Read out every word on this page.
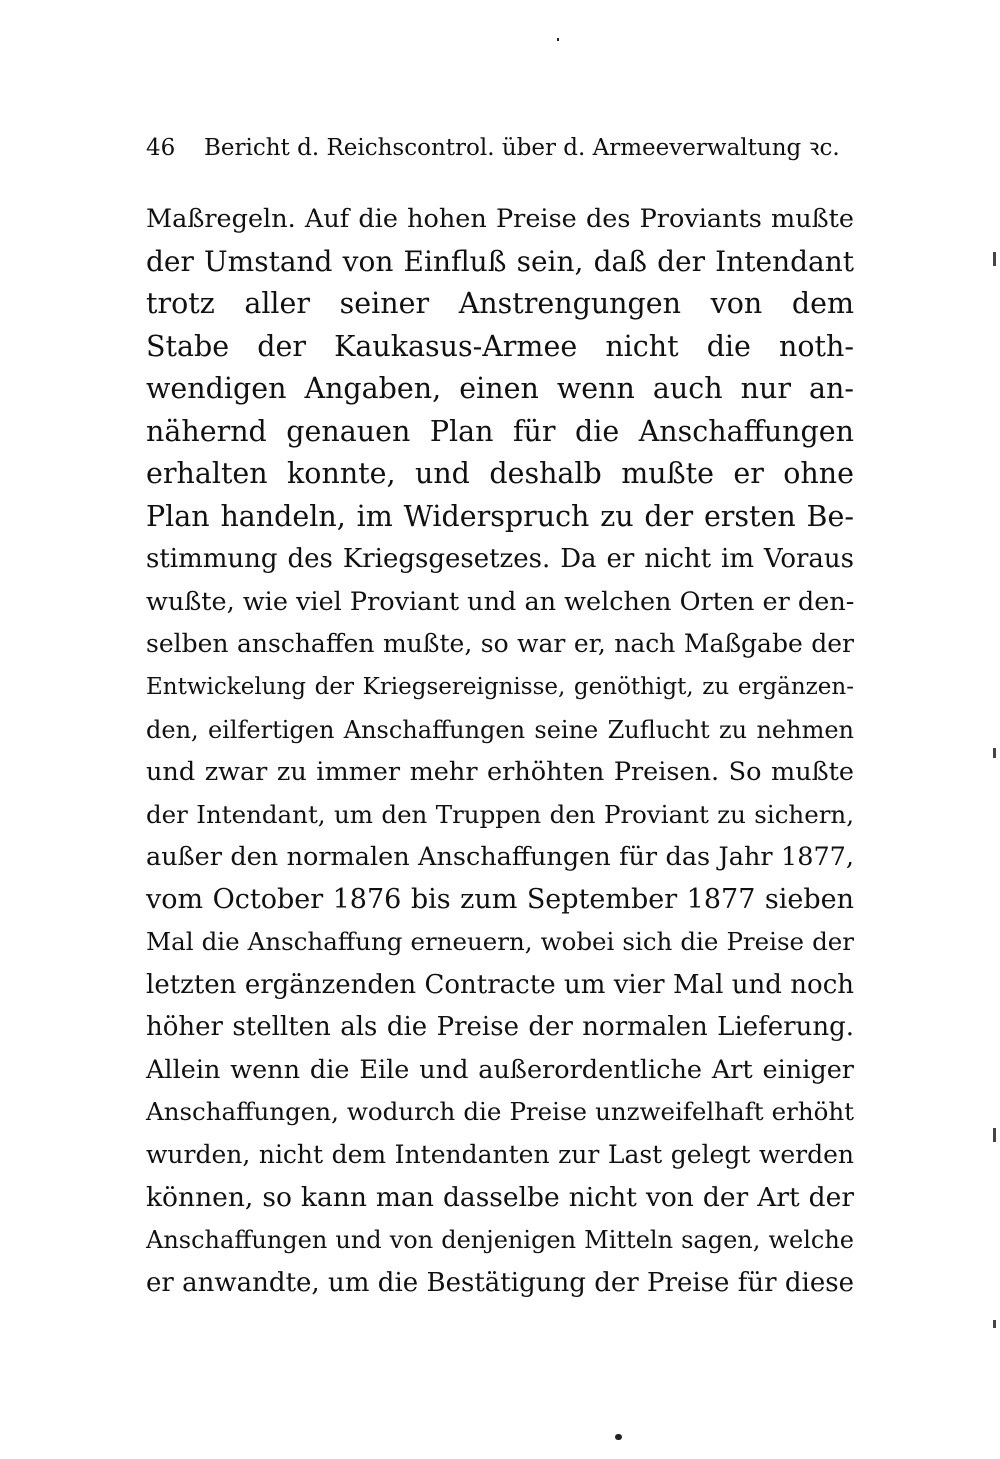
46 Bericht d. Reichscontrol. über d. Armeeverwaltung ꝛc.
Maßregeln. Auf die hohen Preise des Proviants mußte
der Umstand von Einfluß sein, daß der Intendant
trotz aller seiner Anstrengungen von dem
Stabe der Kaukasus-Armee nicht die noth-
wendigen Angaben, einen wenn auch nur an-
nähernd genauen Plan für die Anschaffungen
erhalten konnte, und deshalb mußte er ohne
Plan handeln, im Widerspruch zu der ersten Be-
stimmung des Kriegsgesetzes. Da er nicht im Voraus
wußte, wie viel Proviant und an welchen Orten er den-
selben anschaffen mußte, so war er, nach Maßgabe der
Entwickelung der Kriegsereignisse, genöthigt, zu ergänzen-
den, eilfertigen Anschaffungen seine Zuflucht zu nehmen
und zwar zu immer mehr erhöhten Preisen. So mußte
der Intendant, um den Truppen den Proviant zu sichern,
außer den normalen Anschaffungen für das Jahr 1877,
vom October 1876 bis zum September 1877 sieben
Mal die Anschaffung erneuern, wobei sich die Preise der
letzten ergänzenden Contracte um vier Mal und noch
höher stellten als die Preise der normalen Lieferung.
Allein wenn die Eile und außerordentliche Art einiger
Anschaffungen, wodurch die Preise unzweifelhaft erhöht
wurden, nicht dem Intendanten zur Last gelegt werden
können, so kann man dasselbe nicht von der Art der
Anschaffungen und von denjenigen Mitteln sagen, welche
er anwandte, um die Bestätigung der Preise für diese
